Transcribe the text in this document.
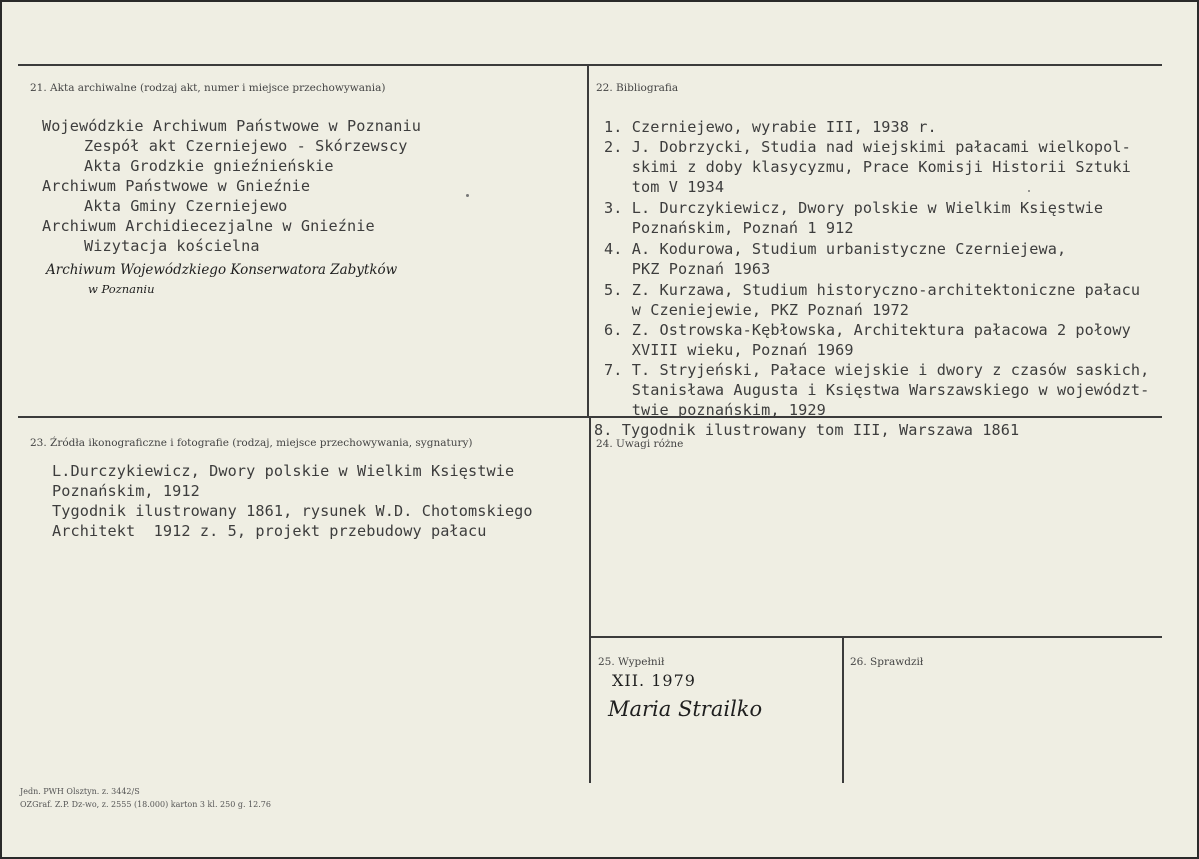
21. Akta archiwalne (rodzaj akt, numer i miejsce przechowywania)
Wojewódzkie Archiwum Państwowe w Poznaniu
Zespół akt Czerniejewo - Skórzewscy
Akta Grodzkie gnieźnieńskie
Archiwum Państwowe w Gnieźnie
Akta Gminy Czerniejewo
Archiwum Archidiecezjalne w Gnieźnie
Wizytacja kościelna
Archiwum Wojewódzkiego Konserwatora Zabytków
w Poznaniu
22. Bibliografia
1. Czerniejewo, wyrabie III, 1938 r.
2. J. Dobrzycki, Studia nad wiejskimi pałacami wielkopol-
skimi z doby klasycyzmu, Prace Komisji Historii Sztuki
tom V 1934
3. L. Durczykiewicz, Dwory polskie w Wielkim Księstwie
Poznańskim, Poznań 1 912
4. A. Kodurowa, Studium urbanistyczne Czerniejewa,
PKZ Poznań 1963
5. Z. Kurzawa, Studium historyczno-architektoniczne pałacu
w Czeniejewie, PKZ Poznań 1972
6. Z. Ostrowska-Kębłowska, Architektura pałacowa 2 połowy
XVIII wieku, Poznań 1969
7. T. Stryjeński, Pałace wiejskie i dwory z czasów saskich,
Stanisława Augusta i Księstwa Warszawskiego w województ-
twie poznańskim, 1929
8. Tygodnik ilustrowany tom III, Warszawa 1861
23. Źródła ikonograficzne i fotografie (rodzaj, miejsce przechowywania, sygnatury)
L.Durczykiewicz, Dwory polskie w Wielkim Księstwie
Poznańskim, 1912
Tygodnik ilustrowany 1861, rysunek W.D. Chotomskiego
Architekt  1912 z. 5, projekt przebudowy pałacu
24. Uwagi różne
25. Wypełnił
XII. 1979
Maria Strailko
26. Sprawdził
Jedn. PWH Olsztyn. z. 3442/S
OZGraf. Z.P. Dz-wo, z. 2555 (18.000) karton 3 kl. 250 g. 12.76
